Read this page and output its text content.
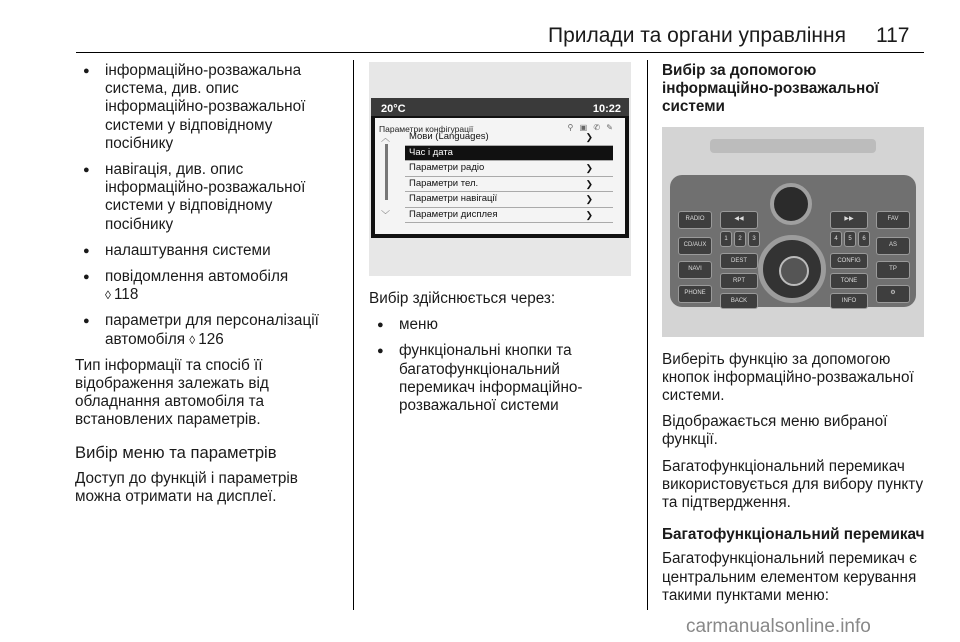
Прилади та органи управління 117
● інформаційно-розважальна система, див. опис інформаційно-розважальної системи у відповідному посібнику
● навігація, див. опис інформаційно-розважальної системи у відповідному посібнику
● налаштування системи
● повідомлення автомобіля
◊ 118
● параметри для персоналізації автомобіля ◊ 126

Тип інформації та спосіб її відображення залежать від обладнання автомобіля та встановлених параметрів.

Вибір меню та параметрів

Доступ до функцій і параметрів можна отримати на дисплеї.

20°C	10:22
Параметри конфігурації	⚲ ▣ ✆ ✎
︿
﹀
Мови (Languages)	❯
Час і дата
Параметри радіо	❯
Параметри тел.	❯
Параметри навігації	❯
Параметри дисплея	❯

Вибір здійснюється через:

● меню
● функціональні кнопки та багатофункціональний перемикач інформаційно-розважальної системи
Вибір за допомогою інформаційно-розважальної системи
RADIO
CD/AUX
NAVI
PHONE
◀◀
1	2	3
DEST
RPT
BACK
▶▶
4	5	6
CONFIG
TONE
INFO
FAV
AS
TP
⚙

Виберіть функцію за допомогою кнопок інформаційно-розважальної системи.

Відображається меню вибраної функції.

Багатофункціональний перемикач використовується для вибору пункту та підтвердження.

Багатофункціональний перемикач

Багатофункціональний перемикач є центральним елементом керування такими пунктами меню:

carmanualsonline.info
